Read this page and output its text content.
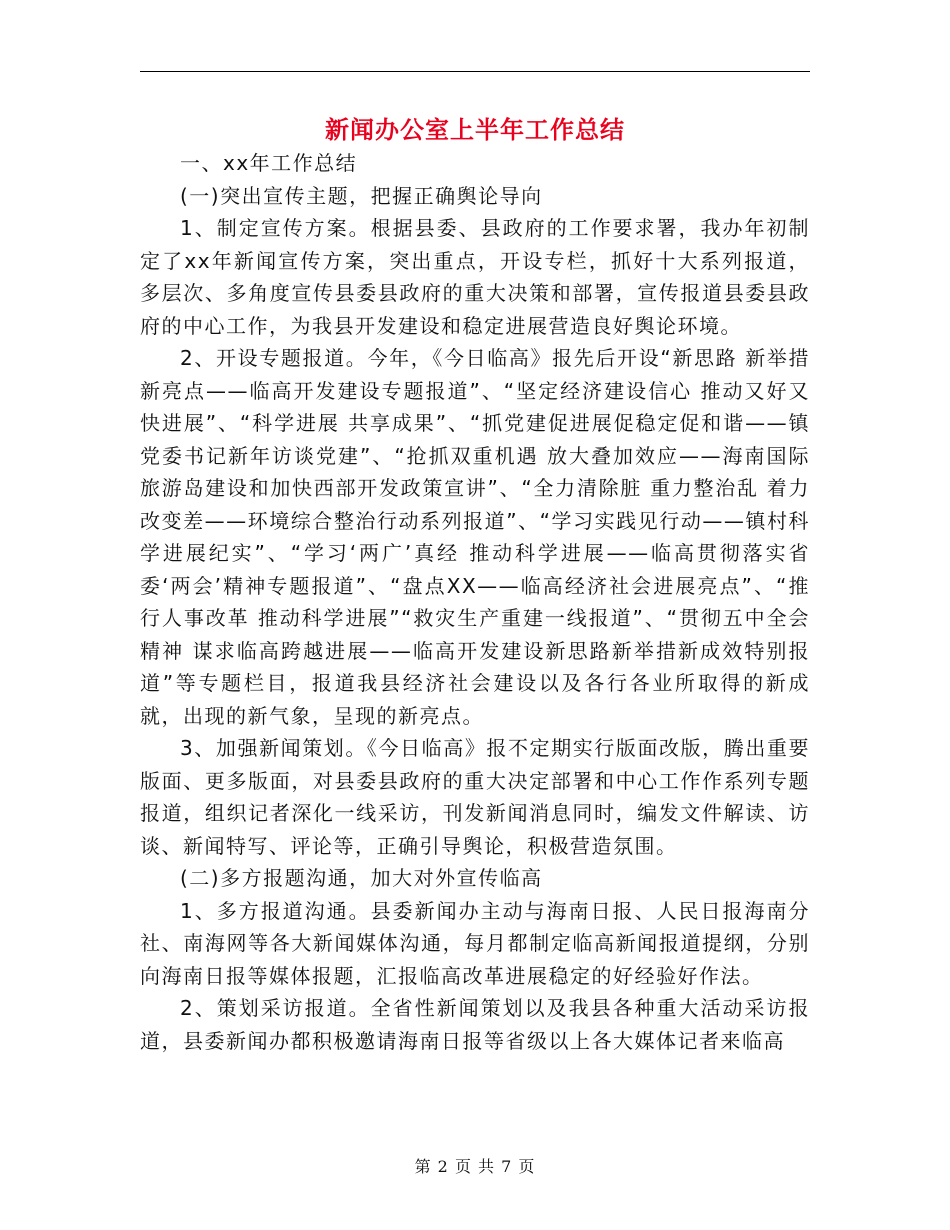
新闻办公室上半年工作总结

一、xx年工作总结

(一)突出宣传主题，把握正确舆论导向

1、制定宣传方案。根据县委、县政府的工作要求署，我办年初制定了xx年新闻宣传方案，突出重点，开设专栏，抓好十大系列报道，多层次、多角度宣传县委县政府的重大决策和部署，宣传报道县委县政府的中心工作，为我县开发建设和稳定进展营造良好舆论环境。

2、开设专题报道。今年，《今日临高》报先后开设“新思路 新举措 新亮点——临高开发建设专题报道”、“坚定经济建设信心 推动又好又快进展”、“科学进展 共享成果”、“抓党建促进展促稳定促和谐——镇党委书记新年访谈党建”、“抢抓双重机遇 放大叠加效应——海南国际旅游岛建设和加快西部开发政策宣讲”、“全力清除脏 重力整治乱 着力改变差——环境综合整治行动系列报道”、“学习实践见行动——镇村科学进展纪实”、“学习‘两广’真经 推动科学进展——临高贯彻落实省委‘两会’精神专题报道”、“盘点XX——临高经济社会进展亮点”、“推行人事改革 推动科学进展”“救灾生产重建一线报道”、“贯彻五中全会精神 谋求临高跨越进展——临高开发建设新思路新举措新成效特别报道”等专题栏目，报道我县经济社会建设以及各行各业所取得的新成就，出现的新气象，呈现的新亮点。

3、加强新闻策划。《今日临高》报不定期实行版面改版，腾出重要版面、更多版面，对县委县政府的重大决定部署和中心工作作系列专题报道，组织记者深化一线采访，刊发新闻消息同时，编发文件解读、访谈、新闻特写、评论等，正确引导舆论，积极营造氛围。

(二)多方报题沟通，加大对外宣传临高

1、多方报道沟通。县委新闻办主动与海南日报、人民日报海南分社、南海网等各大新闻媒体沟通，每月都制定临高新闻报道提纲，分别向海南日报等媒体报题，汇报临高改革进展稳定的好经验好作法。

2、策划采访报道。全省性新闻策划以及我县各种重大活动采访报道，县委新闻办都积极邀请海南日报等省级以上各大媒体记者来临高

第 2 页 共 7 页
